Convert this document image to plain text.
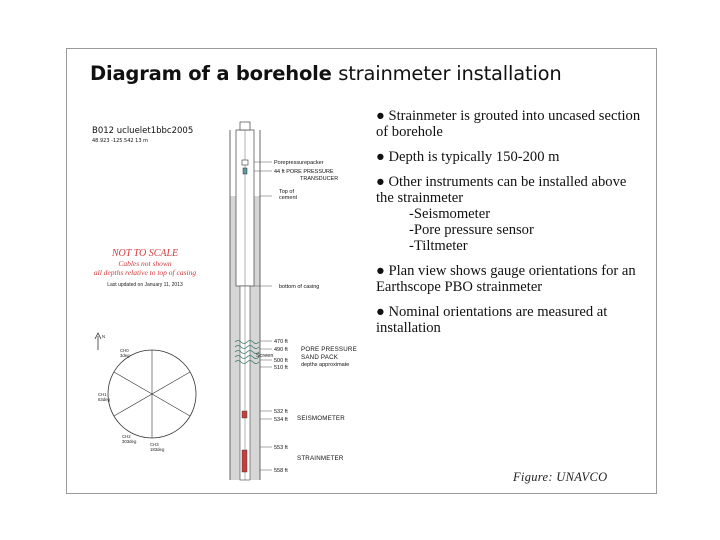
Diagram of a borehole strainmeter installation

● Strainmeter is grouted into uncased section of borehole

● Depth is typically 150-200 m

● Other instruments can be installed above the strainmeter
-Seismometer
-Pore pressure sensor
-Tiltmeter

● Plan view shows gauge orientations for an Earthscope PBO strainmeter

● Nominal orientations are measured at installation

Figure: UNAVCO
B012 ucluelet1bbc2005
48.923 -125.542 13 m
NOT TO SCALE
Cables not shown
all depths relative to top of casing
Last updated on January 11, 2013
Porepressurepacker
44 ft PORE PRESSURE
TRANSDUCER
Top of
cement
bottom of casing
470 ft
490 ft
Screen
500 ft
510 ft
PORE PRESSURE
SAND PACK
depths approximate
532 ft
534 ft SEISMOMETER
553 ft
STRAINMETER
558 ft
N
CH0
3deg
CH1
63deg
CH2
303deg
CH3
183deg
